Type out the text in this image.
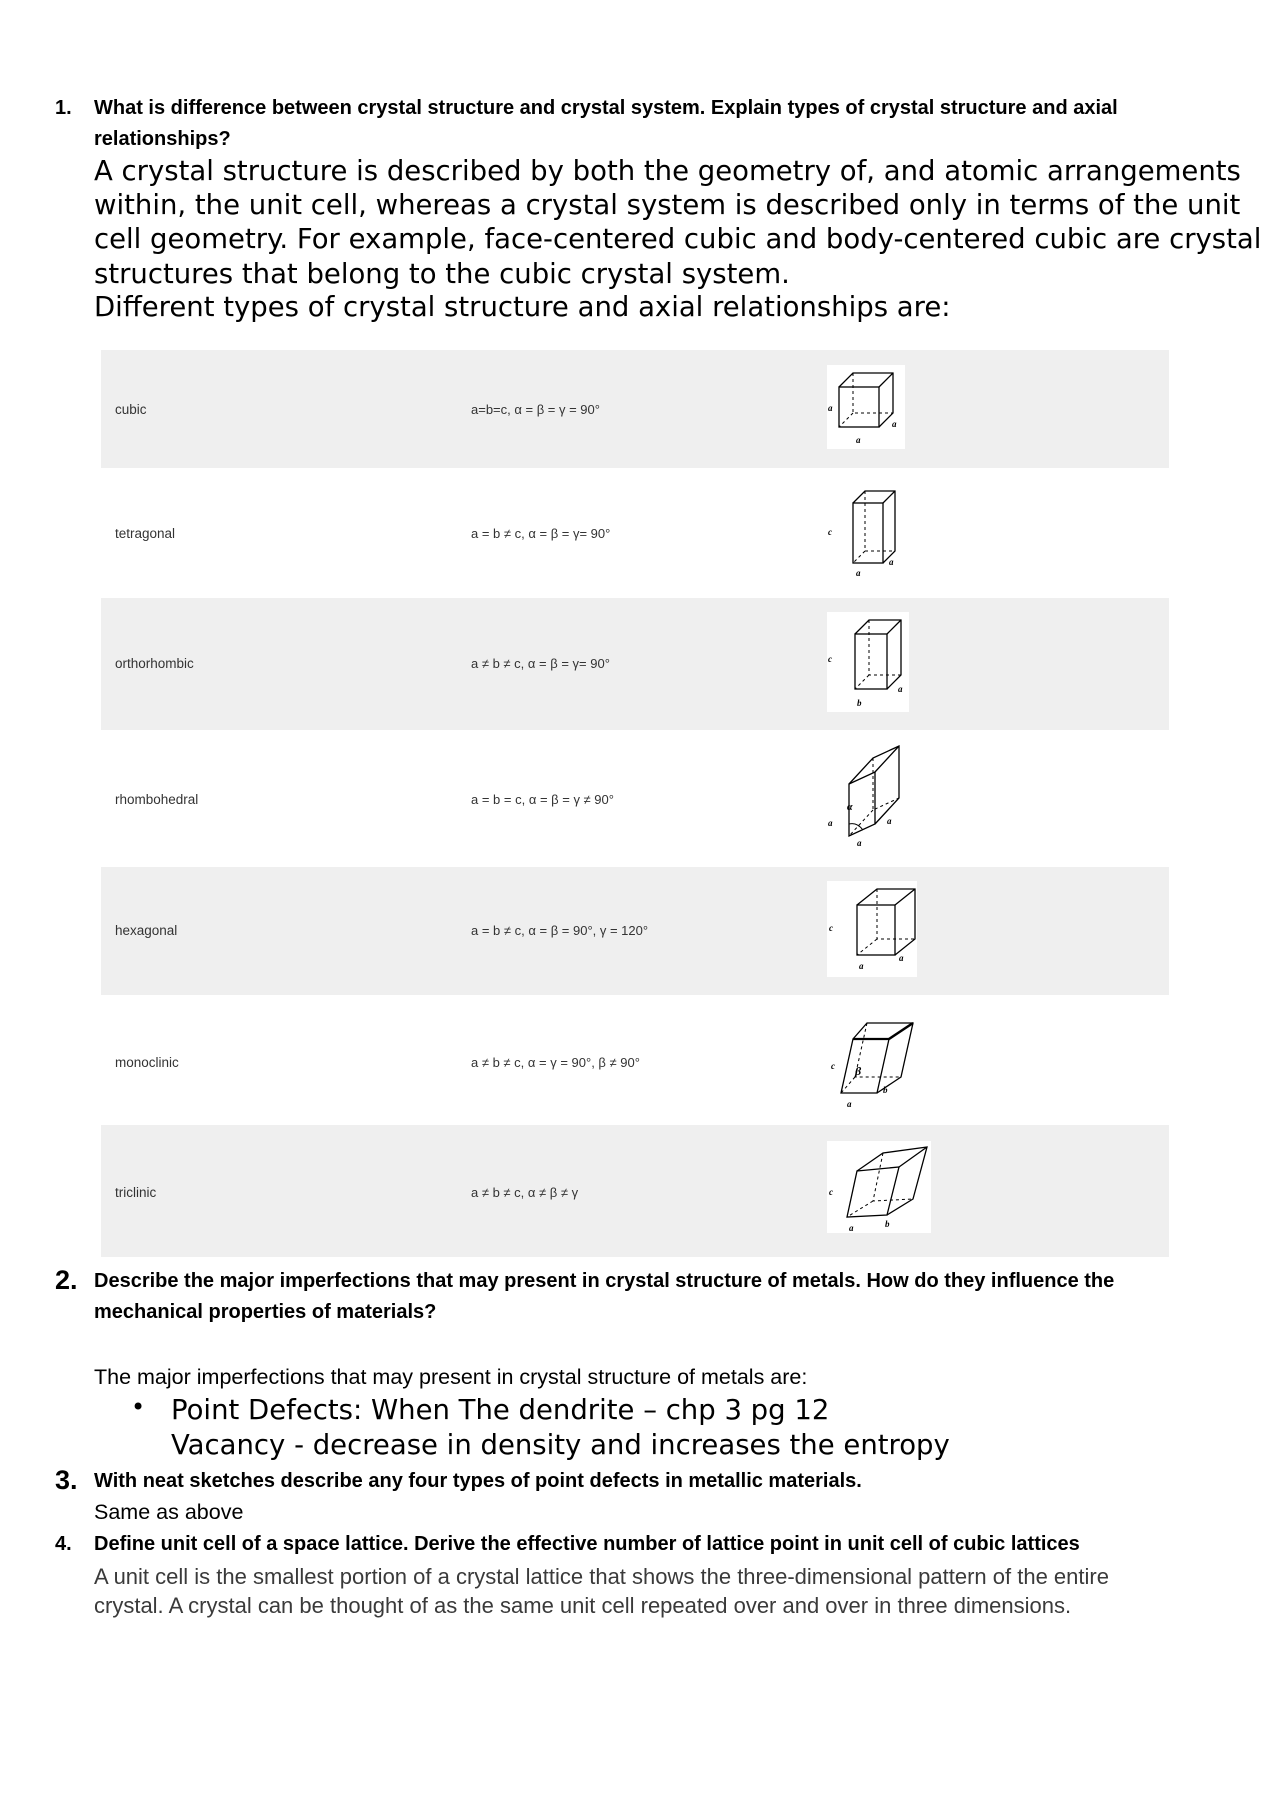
1. What is difference between crystal structure and crystal system. Explain types of crystal structure and axial
relationships?
A crystal structure is described by both the geometry of, and atomic arrangements
within, the unit cell, whereas a crystal system is described only in terms of the unit
cell geometry. For example, face-centered cubic and body-centered cubic are crystal
structures that belong to the cubic crystal system.
Different types of crystal structure and axial relationships are:
cubic	a=b=c, α = β = γ = 90°	a
a
a
tetragonal	a = b ≠ c, α = β = γ= 90°	c
a
a
orthorhombic	a ≠ b ≠ c, α = β = γ= 90°	c
b
a
rhombohedral	a = b = c, α = β = γ ≠ 90°
a
a
a
α
hexagonal	a = b ≠ c, α = β = 90°, γ = 120°	c
a
a
monoclinic	a ≠ b ≠ c, α = γ = 90°, β ≠ 90°	c
a
b
β
triclinic	a ≠ b ≠ c, α ≠ β ≠ γ	c
a	b
2. Describe the major imperfections that may present in crystal structure of metals. How do they influence the
mechanical properties of materials?
The major imperfections that may present in crystal structure of metals are:
• Point Defects: When The dendrite – chp 3 pg 12
Vacancy - decrease in density and increases the entropy
3. With neat sketches describe any four types of point defects in metallic materials.
Same as above
4. Define unit cell of a space lattice. Derive the effective number of lattice point in unit cell of cubic lattices
A unit cell is the smallest portion of a crystal lattice that shows the three-dimensional pattern of the entire
crystal. A crystal can be thought of as the same unit cell repeated over and over in three dimensions.
